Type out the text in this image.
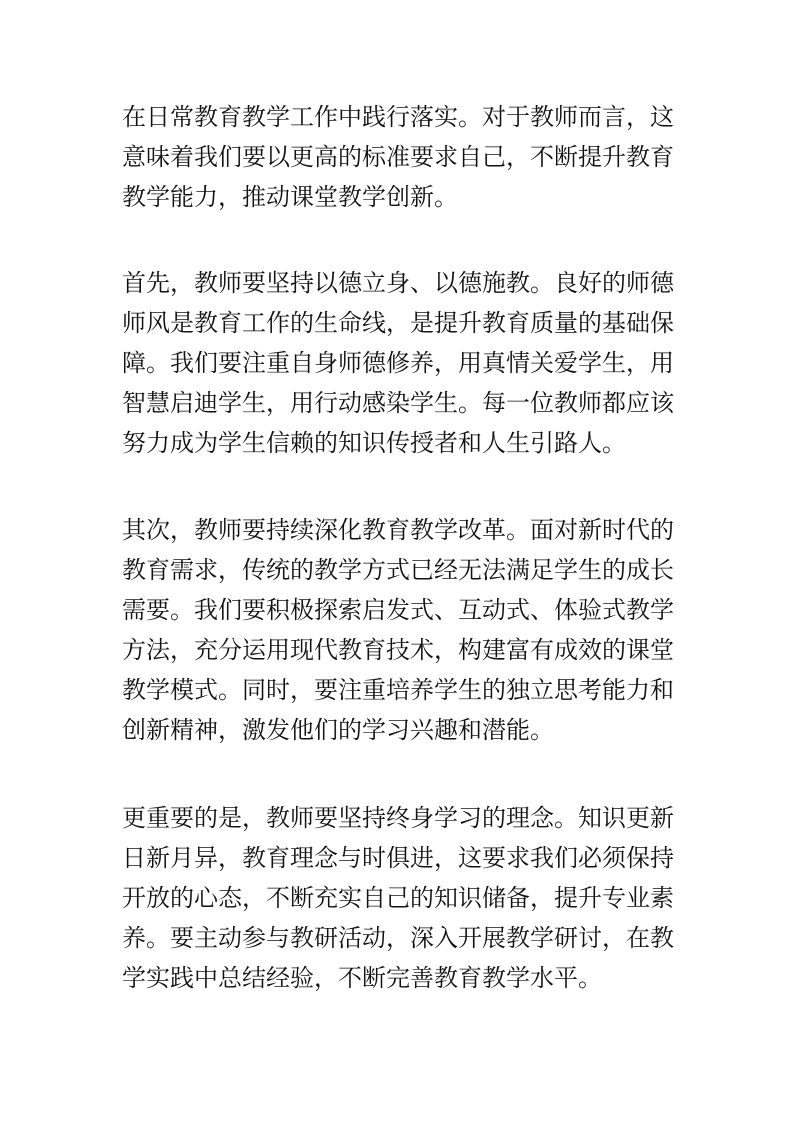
在日常教育教学工作中践行落实。对于教师而言，这
意味着我们要以更高的标准要求自己，不断提升教育
教学能力，推动课堂教学创新。
首先，教师要坚持以德立身、以德施教。良好的师德
师风是教育工作的生命线，是提升教育质量的基础保
障。我们要注重自身师德修养，用真情关爱学生，用
智慧启迪学生，用行动感染学生。每一位教师都应该
努力成为学生信赖的知识传授者和人生引路人。
其次，教师要持续深化教育教学改革。面对新时代的
教育需求，传统的教学方式已经无法满足学生的成长
需要。我们要积极探索启发式、互动式、体验式教学
方法，充分运用现代教育技术，构建富有成效的课堂
教学模式。同时，要注重培养学生的独立思考能力和
创新精神，激发他们的学习兴趣和潜能。
更重要的是，教师要坚持终身学习的理念。知识更新
日新月异，教育理念与时俱进，这要求我们必须保持
开放的心态，不断充实自己的知识储备，提升专业素
养。要主动参与教研活动，深入开展教学研讨，在教
学实践中总结经验，不断完善教育教学水平。
